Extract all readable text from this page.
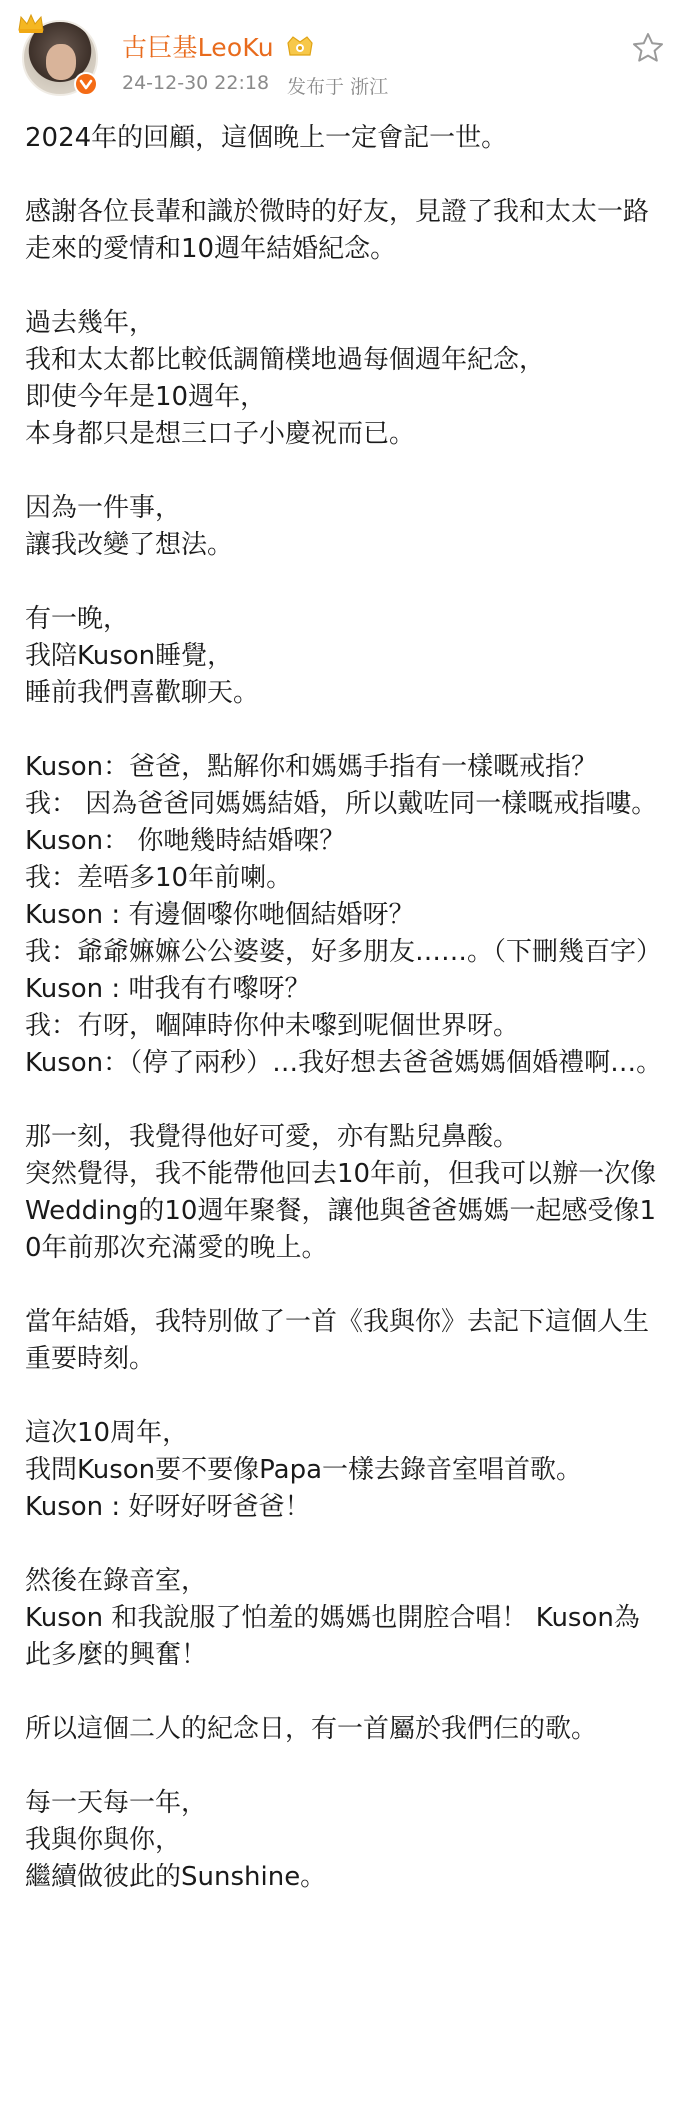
古巨基LeoKu
24-12-30 22:18 发布于 浙江

2024年的回顧，這個晚上一定會記一世。

感謝各位長輩和識於微時的好友，見證了我和太太一路走來的愛情和10週年結婚紀念。

過去幾年，
我和太太都比較低調簡樸地過每個週年紀念，
即使今年是10週年，
本身都只是想三口子小慶祝而已。

因為一件事，
讓我改變了想法。

有一晚，
我陪Kuson睡覺，
睡前我們喜歡聊天。

Kuson：爸爸，點解你和媽媽手指有一樣嘅戒指？
我： 因為爸爸同媽媽結婚，所以戴咗同一樣嘅戒指嘍。
Kuson： 你哋幾時結婚㗎？
我：差唔多10年前喇。
Kuson : 有邊個嚟你哋個結婚呀？
我：爺爺嫲嫲公公婆婆，好多朋友……。（下刪幾百字）
Kuson : 咁我有冇嚟呀？
我：冇呀，嗰陣時你仲未嚟到呢個世界呀。
Kuson：（停了兩秒）…我好想去爸爸媽媽個婚禮啊…。

那一刻，我覺得他好可愛，亦有點兒鼻酸。
突然覺得，我不能帶他回去10年前，但我可以辦一次像Wedding的10週年聚餐，讓他與爸爸媽媽一起感受像10年前那次充滿愛的晚上。

當年結婚，我特別做了一首《我與你》去記下這個人生重要時刻。

這次10周年，
我問Kuson要不要像Papa一樣去錄音室唱首歌。
Kuson : 好呀好呀爸爸！

然後在錄音室，
Kuson 和我說服了怕羞的媽媽也開腔合唱！ Kuson為此多麼的興奮！

所以這個二人的紀念日，有一首屬於我們仨的歌。

每一天每一年，
我與你與你，
繼續做彼此的Sunshine。
